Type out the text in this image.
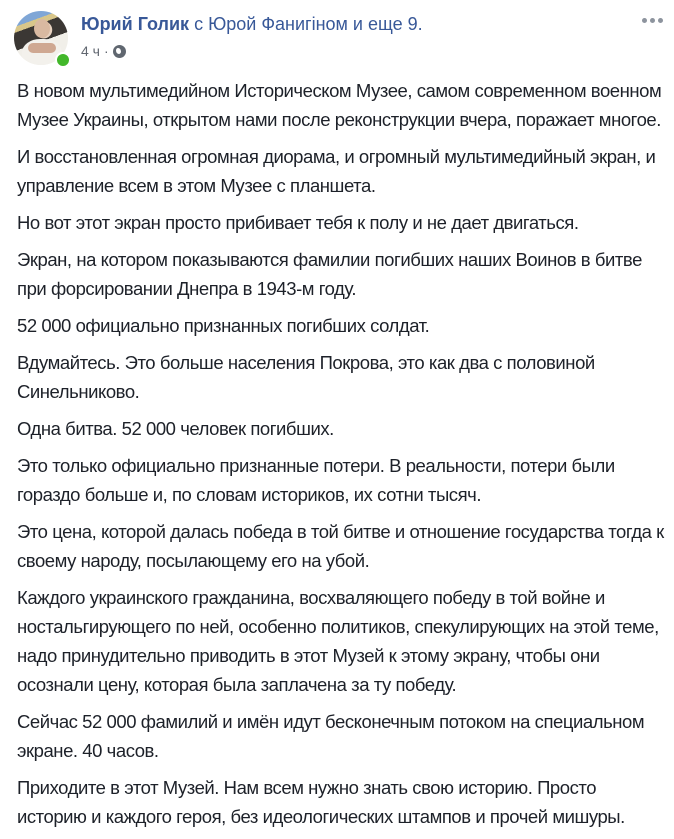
Юрий Голик с Юрой Фанигіном и еще 9.
4 ч ·

В новом мультимедийном Историческом Музее, самом современном военном Музее Украины, открытом нами после реконструкции вчера, поражает многое.

И восстановленная огромная диорама, и огромный мультимедийный экран, и управление всем в этом Музее с планшета.

Но вот этот экран просто прибивает тебя к полу и не дает двигаться.

Экран, на котором показываются фамилии погибших наших Воинов в битве при форсировании Днепра в 1943-м году.

52 000 официально признанных погибших солдат.

Вдумайтесь. Это больше населения Покрова, это как два с половиной Синельниково.

Одна битва. 52 000 человек погибших.

Это только официально признанные потери. В реальности, потери были гораздо больше и, по словам историков, их сотни тысяч.

Это цена, которой далась победа в той битве и отношение государства тогда к своему народу, посылающему его на убой.

Каждого украинского гражданина, восхваляющего победу в той войне и ностальгирующего по ней, особенно политиков, спекулирующих на этой теме, надо принудительно приводить в этот Музей к этому экрану, чтобы они осознали цену, которая была заплачена за ту победу.

Сейчас 52 000 фамилий и имён идут бесконечным потоком на специальном экране. 40 часов.

Приходите в этот Музей. Нам всем нужно знать свою историю. Просто историю и каждого героя, без идеологических штампов и прочей мишуры.
